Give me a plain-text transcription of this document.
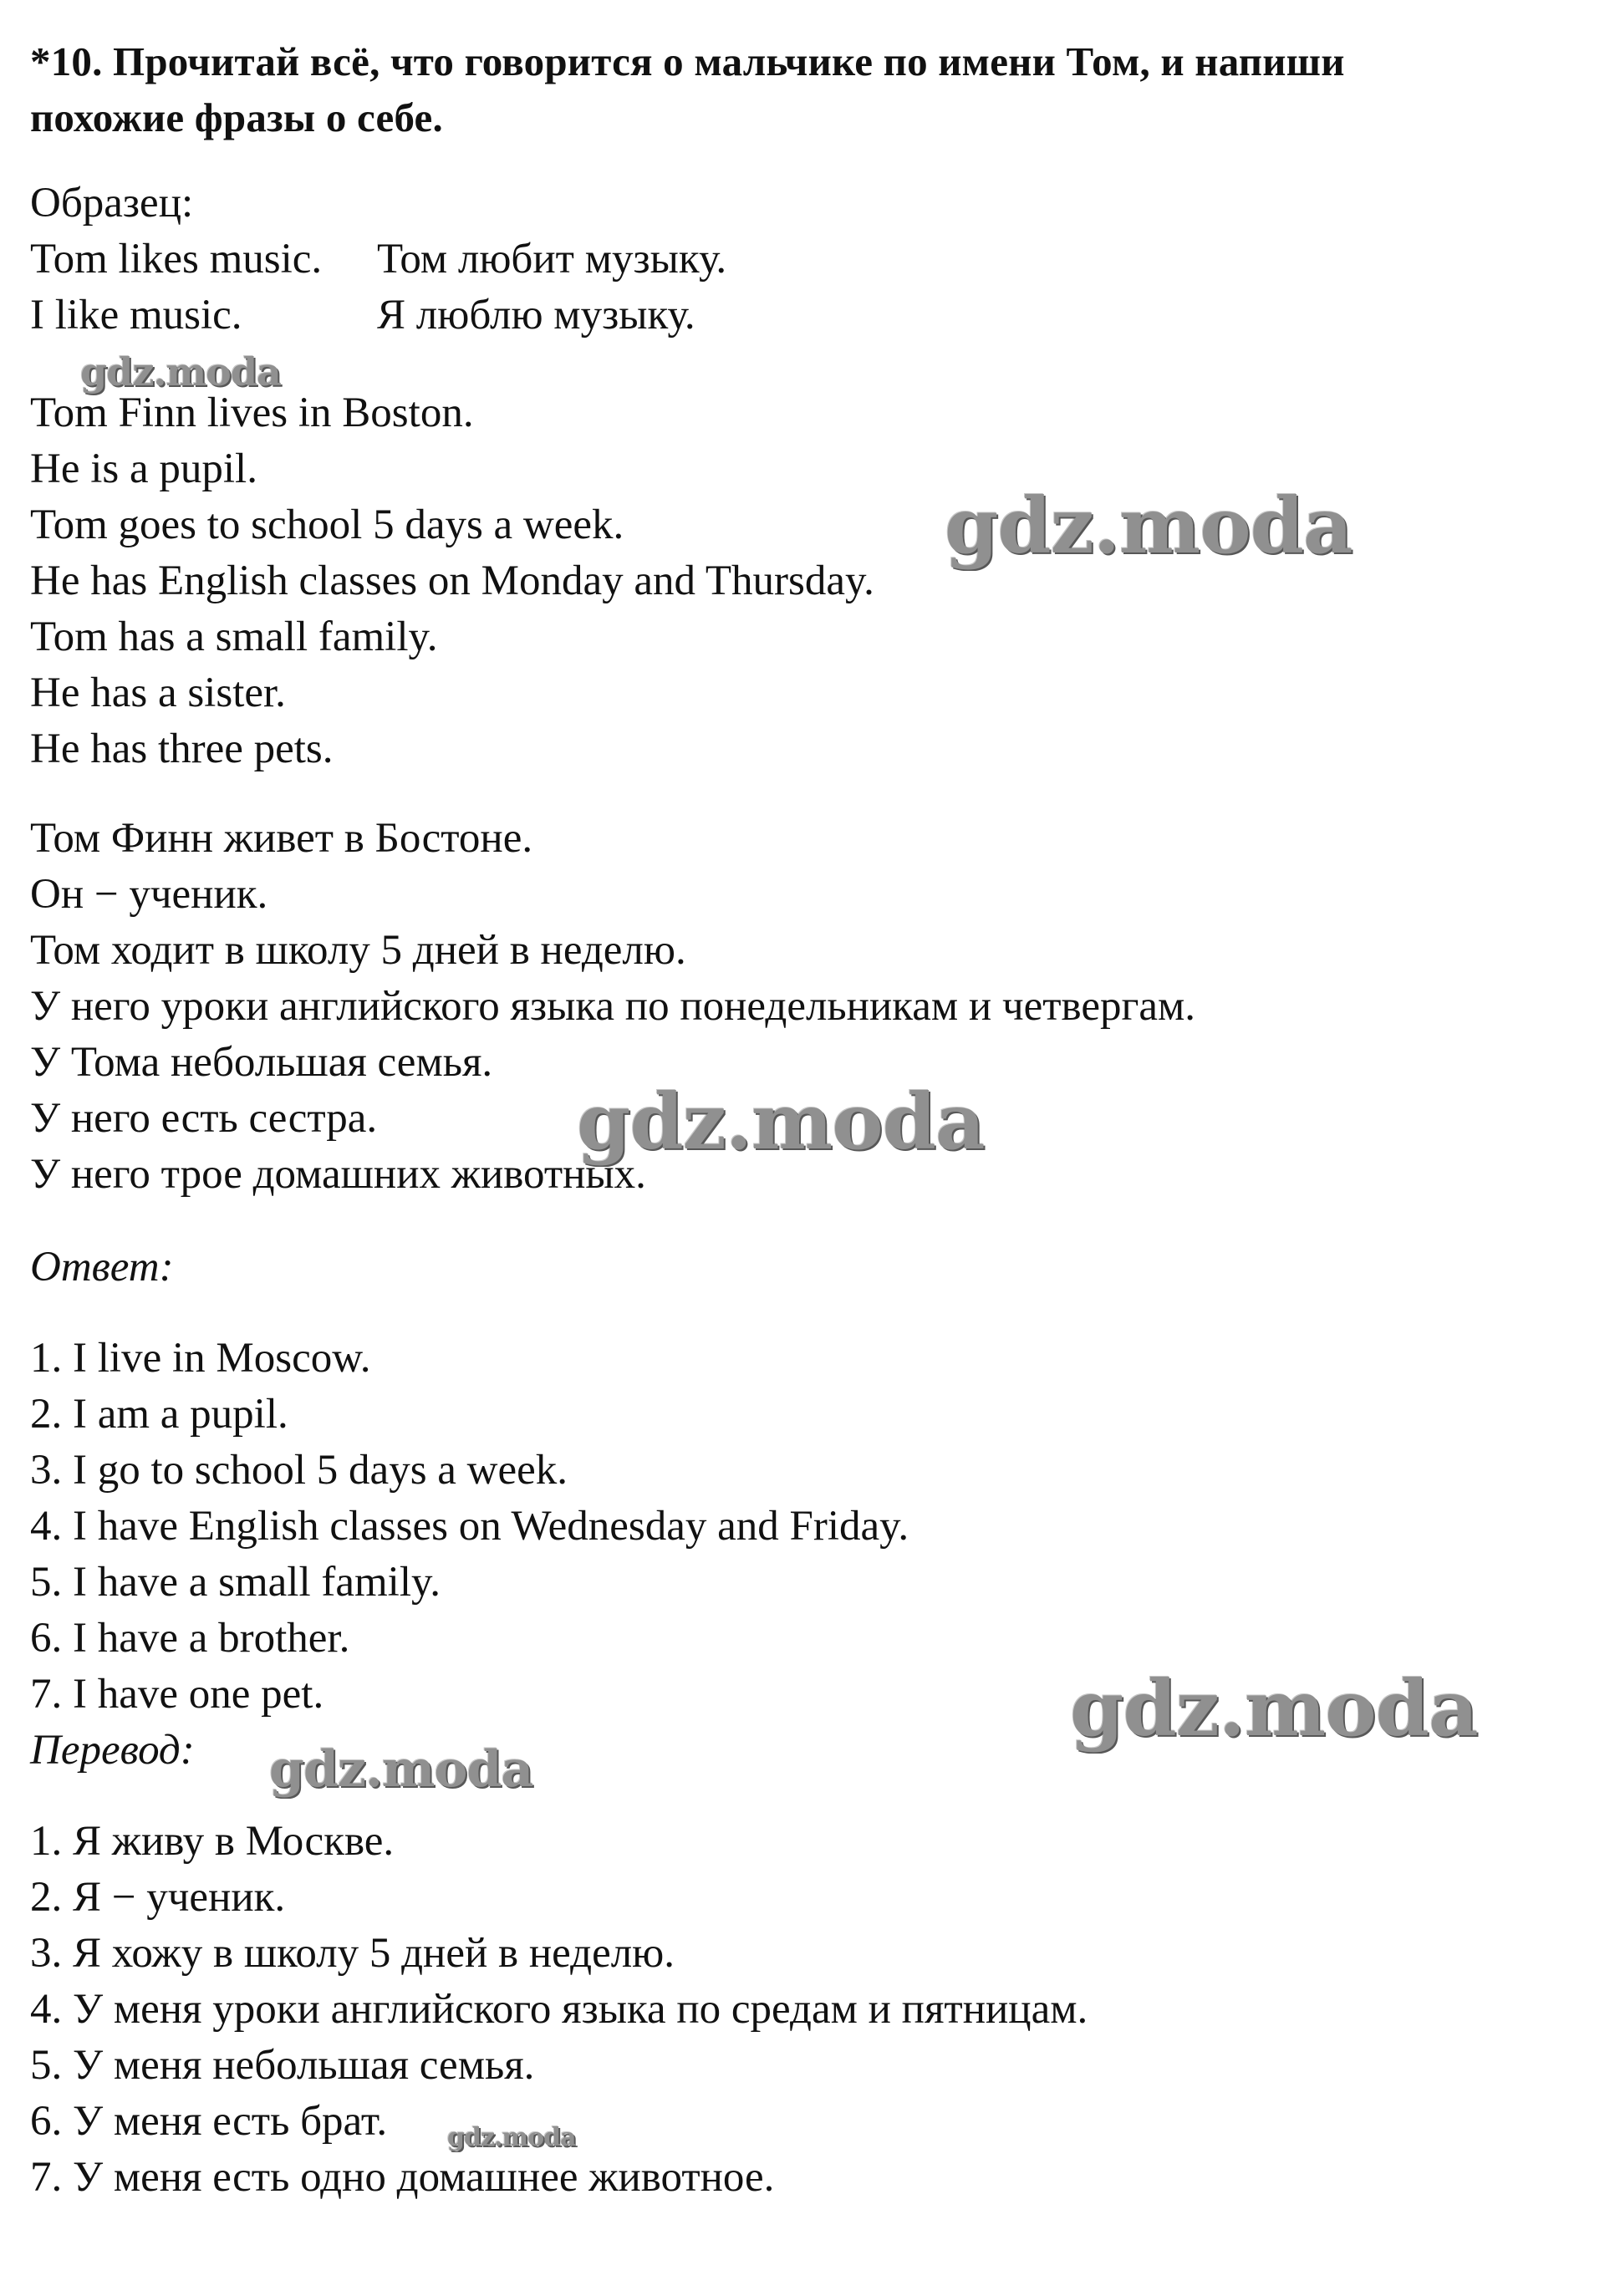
*10. Прочитай всё, что говорится о мальчике по имени Том, и напиши
похожие фразы о себе.

Образец:
Tom likes music.	Том любит музыку.
I like music.	Я люблю музыку.
Tom Finn lives in Boston.
He is a pupil.
Tom goes to school 5 days a week.
He has English classes on Monday and Thursday.
Tom has a small family.
He has a sister.
He has three pets.
Том Финн живет в Бостоне.
Он − ученик.
Том ходит в школу 5 дней в неделю.
У него уроки английского языка по понедельникам и четвергам.
У Тома небольшая семья.
У него есть сестра.
У него трое домашних животных.
Ответ:
1. I live in Moscow.
2. I am a pupil.
3. I go to school 5 days a week.
4. I have English classes on Wednesday and Friday.
5. I have a small family.
6. I have a brother.
7. I have one pet.
Перевод:
1. Я живу в Москве.
2. Я − ученик.
3. Я хожу в школу 5 дней в неделю.
4. У меня уроки английского языка по средам и пятницам.
5. У меня небольшая семья.
6. У меня есть брат.
7. У меня есть одно домашнее животное.
gdz.moda
gdz.moda
gdz.moda
gdz.moda
gdz.moda
gdz.moda
